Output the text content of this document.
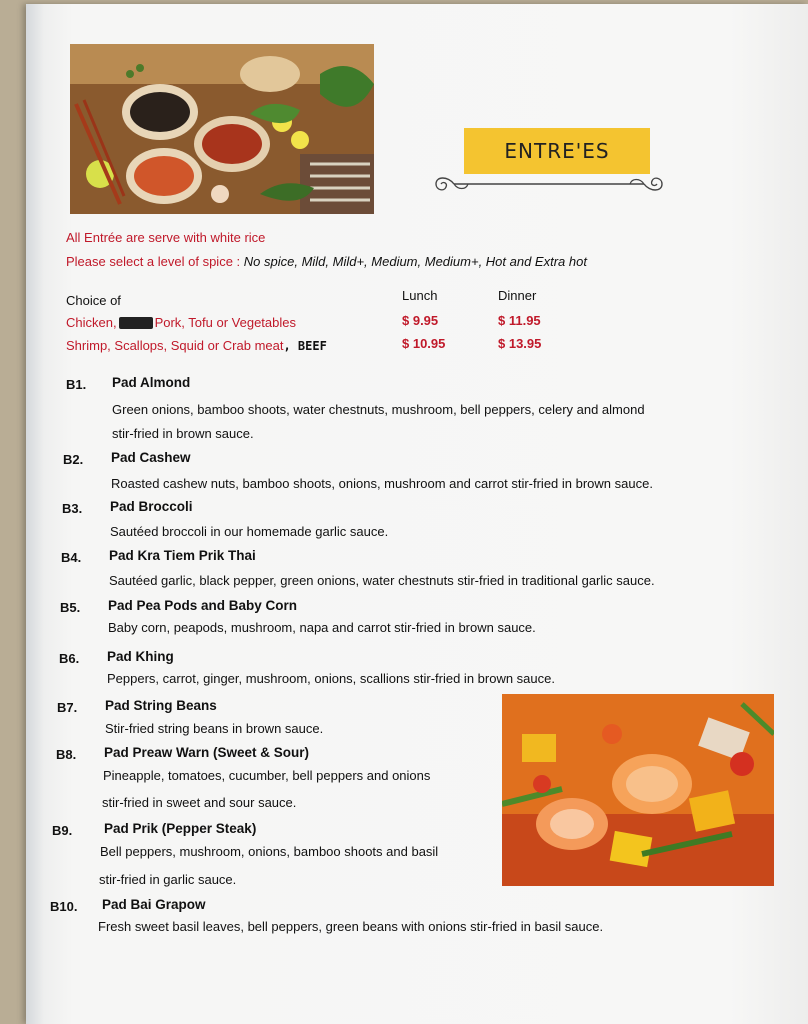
ENTRE'ES
All Entrée are serve with white rice
Please select a level of spice : No spice, Mild, Mild+, Medium, Medium+, Hot and Extra hot
Choice of	Lunch	Dinner
Chicken,	Pork, Tofu or Vegetables	$ 9.95	$ 11.95
Shrimp, Scallops, Squid or Crab meat, BEEF	$ 10.95	$ 13.95
B1. Pad Almond
Green onions, bamboo shoots, water chestnuts, mushroom, bell peppers, celery and almond
stir-fried in brown sauce.
B2. Pad Cashew
Roasted cashew nuts, bamboo shoots, onions, mushroom and carrot stir-fried in brown sauce.
B3. Pad Broccoli
Sautéed broccoli in our homemade garlic sauce.
B4. Pad Kra Tiem Prik Thai
Sautéed garlic, black pepper, green onions, water chestnuts stir-fried in traditional garlic sauce.
B5. Pad Pea Pods and Baby Corn
Baby corn, peapods, mushroom, napa and carrot stir-fried in brown sauce.
B6. Pad Khing
Peppers, carrot, ginger, mushroom, onions, scallions stir-fried in brown sauce.
B7. Pad String Beans
Stir-fried string beans in brown sauce.
B8. Pad Preaw Warn (Sweet & Sour)
Pineapple, tomatoes, cucumber, bell peppers and onions
stir-fried in sweet and sour sauce.
B9. Pad Prik (Pepper Steak)
Bell peppers, mushroom, onions, bamboo shoots and basil
stir-fried in garlic sauce.
B10. Pad Bai Grapow
Fresh sweet basil leaves, bell peppers, green beans with onions stir-fried in basil sauce.
